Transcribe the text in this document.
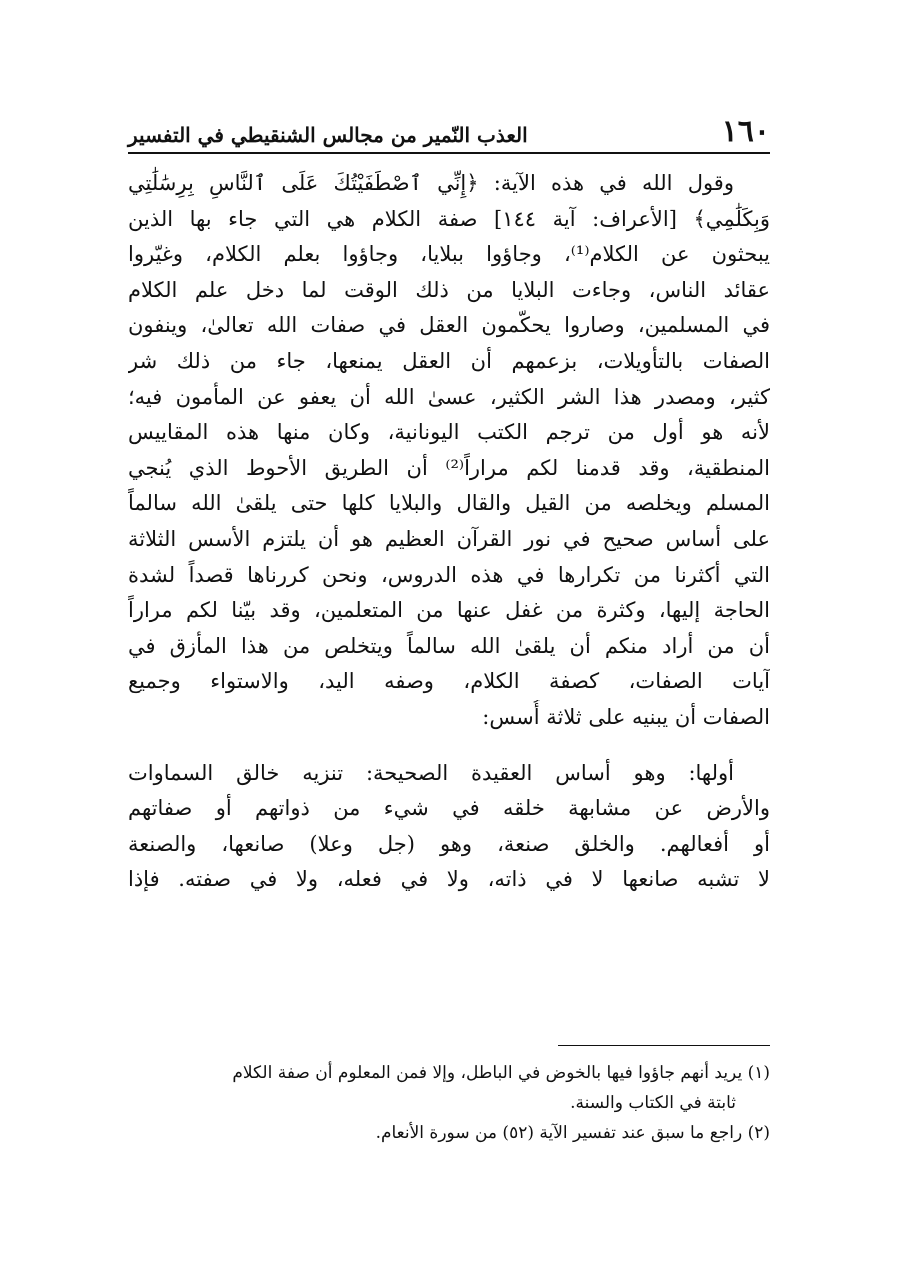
١٦٠
العذب النّمير من مجالس الشنقيطي في التفسير
وقول الله في هذه الآية: ﴿إِنِّي ٱصْطَفَيْتُكَ عَلَى ٱلنَّاسِ بِرِسَٰلَٰتِي
وَبِكَلَٰمِي﴾ [الأعراف: آية ١٤٤] صفة الكلام هي التي جاء بها الذين
يبحثون عن الكلام⁽¹⁾، وجاؤوا ببلايا، وجاؤوا بعلم الكلام، وغيّروا
عقائد الناس، وجاءت البلايا من ذلك الوقت لما دخل علم الكلام
في المسلمين، وصاروا يحكّمون العقل في صفات الله تعالىٰ، وينفون
الصفات بالتأويلات، بزعمهم أن العقل يمنعها، جاء من ذلك شر
كثير، ومصدر هذا الشر الكثير، عسىٰ الله أن يعفو عن المأمون فيه؛
لأنه هو أول من ترجم الكتب اليونانية، وكان منها هذه المقاييس
المنطقية، وقد قدمنا لكم مراراً⁽²⁾ أن الطريق الأحوط الذي يُنجي
المسلم ويخلصه من القيل والقال والبلايا كلها حتى يلقىٰ الله سالماً
على أساس صحيح في نور القرآن العظيم هو أن يلتزم الأسس الثلاثة
التي أكثرنا من تكرارها في هذه الدروس، ونحن كررناها قصداً لشدة
الحاجة إليها، وكثرة من غفل عنها من المتعلمين، وقد بيّنا لكم مراراً
أن من أراد منكم أن يلقىٰ الله سالماً ويتخلص من هذا المأزق في
آيات الصفات، كصفة الكلام، وصفه اليد، والاستواء وجميع
الصفات أن يبنيه على ثلاثة أُسس:
أولها: وهو أساس العقيدة الصحيحة: تنزيه خالق السماوات
والأرض عن مشابهة خلقه في شيء من ذواتهم أو صفاتهم
أو أفعالهم. والخلق صنعة، وهو (جل وعلا) صانعها، والصنعة
لا تشبه صانعها لا في ذاته، ولا في فعله، ولا في صفته. فإذا
(١) يريد أنهم جاؤوا فيها بالخوض في الباطل، وإلا فمن المعلوم أن صفة الكلام
ثابتة في الكتاب والسنة.
(٢) راجع ما سبق عند تفسير الآية (٥٢) من سورة الأنعام.
